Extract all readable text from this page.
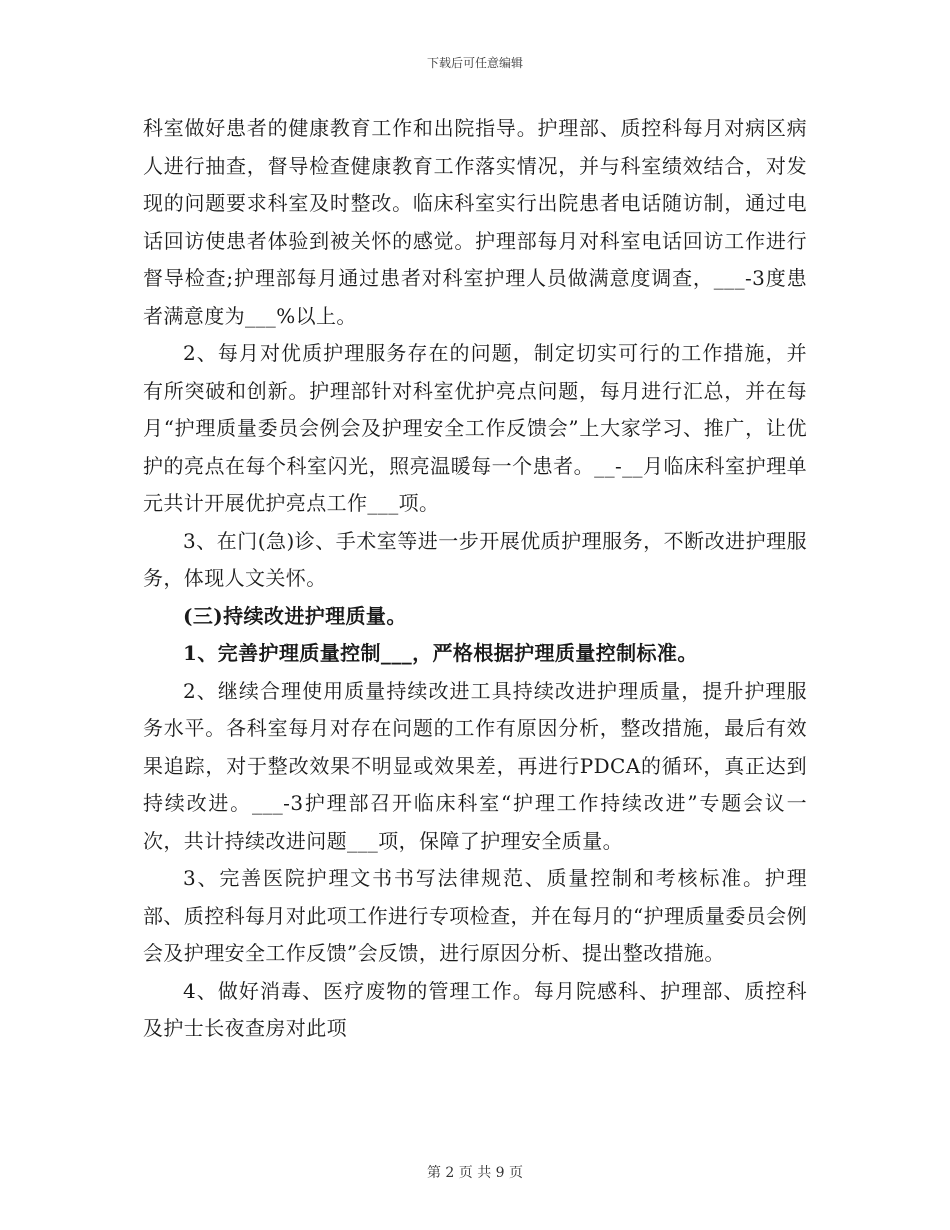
下载后可任意编辑

科室做好患者的健康教育工作和出院指导。护理部、质控科每月对病区病人进行抽查，督导检查健康教育工作落实情况，并与科室绩效结合，对发现的问题要求科室及时整改。临床科室实行出院患者电话随访制，通过电话回访使患者体验到被关怀的感觉。护理部每月对科室电话回访工作进行督导检查;护理部每月通过患者对科室护理人员做满意度调查，___-3度患者满意度为___%以上。

2、每月对优质护理服务存在的问题，制定切实可行的工作措施，并有所突破和创新。护理部针对科室优护亮点问题，每月进行汇总，并在每月“护理质量委员会例会及护理安全工作反馈会”上大家学习、推广，让优护的亮点在每个科室闪光，照亮温暖每一个患者。__-__月临床科室护理单元共计开展优护亮点工作___项。

3、在门(急)诊、手术室等进一步开展优质护理服务，不断改进护理服务，体现人文关怀。

(三)持续改进护理质量。

1、完善护理质量控制___，严格根据护理质量控制标准。

2、继续合理使用质量持续改进工具持续改进护理质量，提升护理服务水平。各科室每月对存在问题的工作有原因分析，整改措施，最后有效果追踪，对于整改效果不明显或效果差，再进行PDCA的循环，真正达到持续改进。___-3护理部召开临床科室“护理工作持续改进”专题会议一次，共计持续改进问题___项，保障了护理安全质量。

3、完善医院护理文书书写法律规范、质量控制和考核标准。护理部、质控科每月对此项工作进行专项检查，并在每月的“护理质量委员会例会及护理安全工作反馈”会反馈，进行原因分析、提出整改措施。

4、做好消毒、医疗废物的管理工作。每月院感科、护理部、质控科及护士长夜查房对此项

第 2 页 共 9 页
